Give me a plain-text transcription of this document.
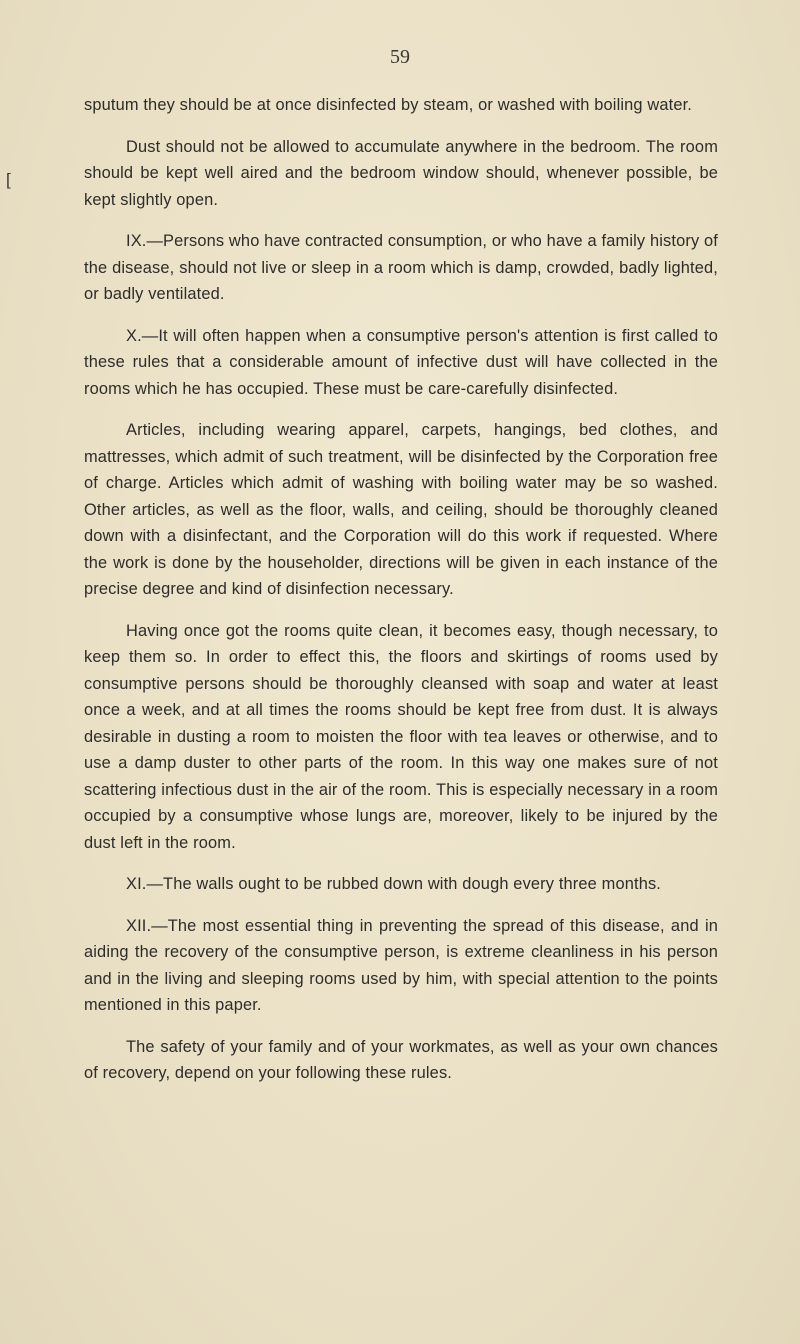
59
[

sputum they should be at once disinfected by steam, or washed with boiling water.

Dust should not be allowed to accumulate anywhere in the bedroom. The room should be kept well aired and the bedroom window should, whenever possible, be kept slightly open.

IX.—Persons who have contracted consumption, or who have a family history of the disease, should not live or sleep in a room which is damp, crowded, badly lighted, or badly ventilated.

X.—It will often happen when a consumptive person's attention is first called to these rules that a considerable amount of infective dust will have collected in the rooms which he has occupied. These must be care-carefully disinfected.

Articles, including wearing apparel, carpets, hangings, bed clothes, and mattresses, which admit of such treatment, will be disinfected by the Corporation free of charge. Articles which admit of washing with boiling water may be so washed. Other articles, as well as the floor, walls, and ceiling, should be thoroughly cleaned down with a disinfectant, and the Corporation will do this work if requested. Where the work is done by the householder, directions will be given in each instance of the precise degree and kind of disinfection necessary.

Having once got the rooms quite clean, it becomes easy, though necessary, to keep them so. In order to effect this, the floors and skirtings of rooms used by consumptive persons should be thoroughly cleansed with soap and water at least once a week, and at all times the rooms should be kept free from dust. It is always desirable in dusting a room to moisten the floor with tea leaves or otherwise, and to use a damp duster to other parts of the room. In this way one makes sure of not scattering infectious dust in the air of the room. This is especially necessary in a room occupied by a consumptive whose lungs are, moreover, likely to be injured by the dust left in the room.

XI.—The walls ought to be rubbed down with dough every three months.

XII.—The most essential thing in preventing the spread of this disease, and in aiding the recovery of the consumptive person, is extreme cleanliness in his person and in the living and sleeping rooms used by him, with special attention to the points mentioned in this paper.

The safety of your family and of your workmates, as well as your own chances of recovery, depend on your following these rules.
